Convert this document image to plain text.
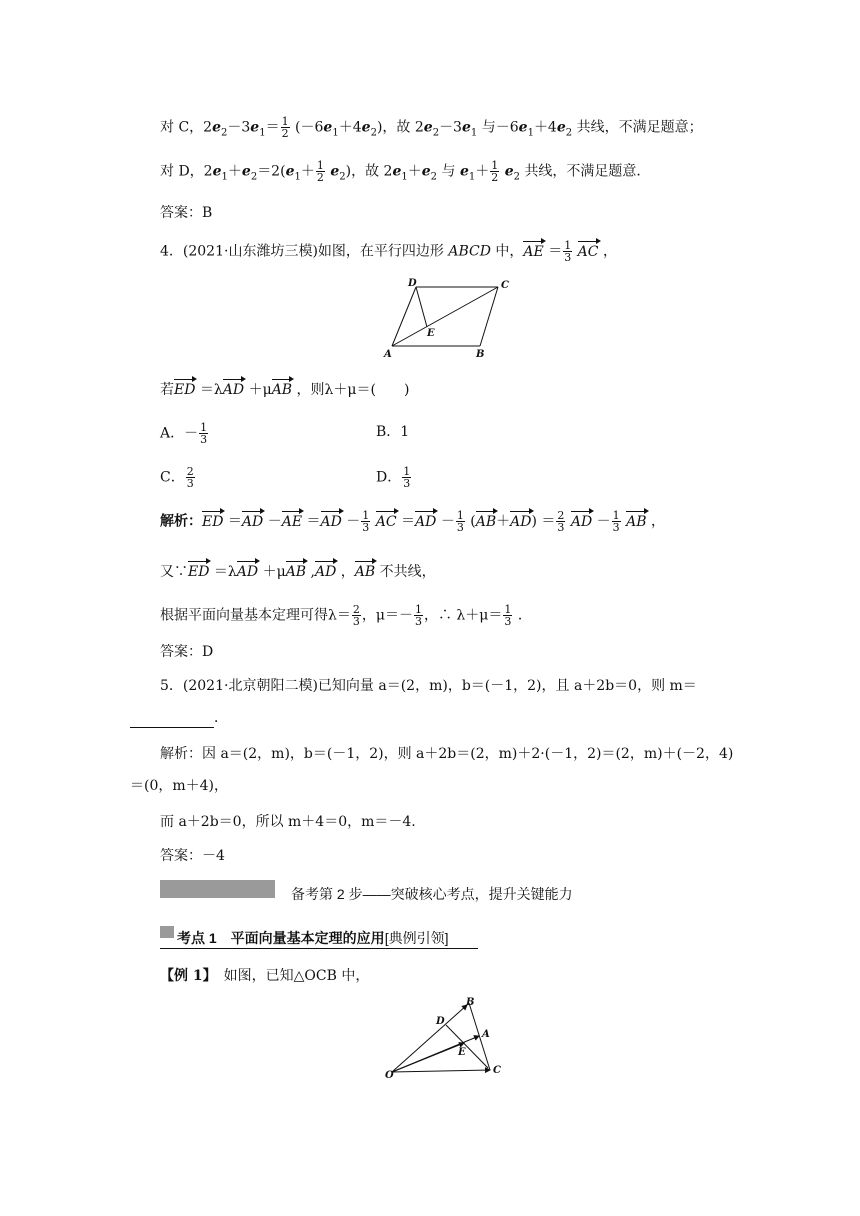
对 C，$2e_2-3e_1= \frac{1}{2} (-6e_1+4e_2)$，故 $2e_2-3e_1$ 与$-6e_1+4e_2$ 共线，不满足题意；
对 D，$2e_1+e_2=2(e_1+ \frac{1}{2} e_2)$，故 $2e_1+e_2$ 与 $e_1+ \frac{1}{2} e_2$ 共线，不满足题意．
答案：B
4．(2021·山东潍坊三模)如图，在平行四边形 ABCD 中，AE ＝ $\frac{1}{3}$ AC ，
D	C
E
A	B
若ED ＝λAD ＋μAB ，则λ＋μ＝(　　)
A．－ $\frac{1}{3}$	B．1
C． $\frac{2}{3}$	D． $\frac{1}{3}$
解析：ED $=AD -AE =AD - \frac{1}{3}$ AC $=AD - \frac{1}{3} (AB+AD) = \frac{2}{3}$ AD － $\frac{1}{3}$ AB ，
又∵ED ＝λAD ＋μAB ,AD ，AB 不共线，
根据平面向量基本定理可得$\lambda= \frac{2}{3}$ ，$\mu=- \frac{1}{3}$ ，∴ $\lambda+\mu= \frac{1}{3}$ ．
答案：D
5．(2021·北京朝阳二模)已知向量 a＝(2，m)，b＝(－1，2)，且 a＋2b＝0，则 m＝
．
解析：因 a＝(2，m)，b＝(－1，2)，则 a＋2b＝(2，m)＋2·(－1，2)＝(2，m)＋(－2，4)
＝(0，m＋4)，
而 a＋2b＝0，所以 m＋4＝0，m＝－4.
答案：－4
备考第 2 步——突破核心考点，提升关键能力
考点 1　平面向量基本定理的应用[典例引领]
【例 1】　如图，已知△OCB 中，
B
D
A
E
O	C
